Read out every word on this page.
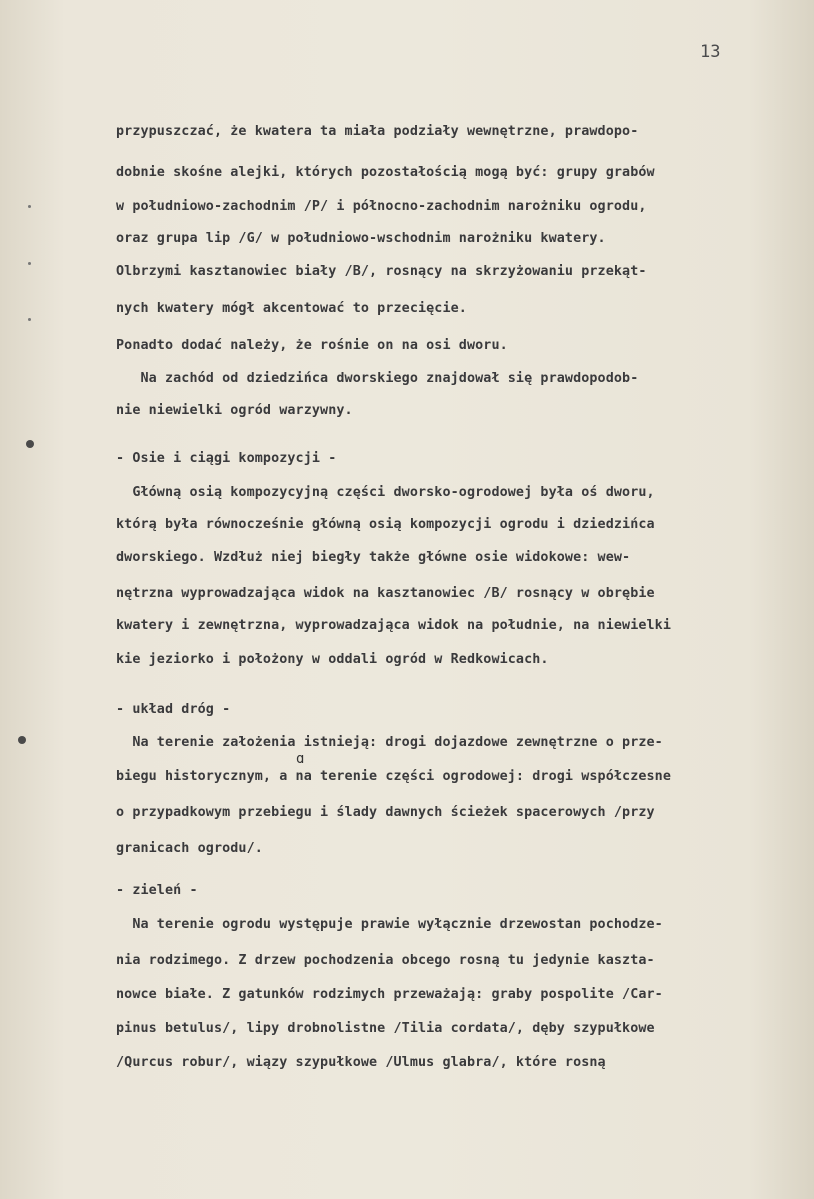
13
przypuszczać, że kwatera ta miała podziały wewnętrzne, prawdopo-
dobnie skośne alejki, których pozostałością mogą być: grupy grabów
w południowo-zachodnim /P/ i północno-zachodnim narożniku ogrodu,
oraz grupa lip /G/ w południowo-wschodnim narożniku kwatery.
Olbrzymi kasztanowiec biały /B/, rosnący na skrzyżowaniu przekąt-
nych kwatery mógł akcentować to przecięcie.
Ponadto dodać należy, że rośnie on na osi dworu.
Na zachód od dziedzińca dworskiego znajdował się prawdopodob-
nie niewielki ogród warzywny.
- Osie i ciągi kompozycji -
Główną osią kompozycyjną części dworsko-ogrodowej była oś dworu,
którą była równocześnie główną osią kompozycji ogrodu i dziedzińca
dworskiego. Wzdłuż niej biegły także główne osie widokowe: wew-
nętrzna wyprowadzająca widok na kasztanowiec /B/ rosnący w obrębie
kwatery i zewnętrzna, wyprowadzająca widok na południe, na niewielki
kie jeziorko i położony w oddali ogród w Redkowicach.
- układ dróg -
Na terenie założenia istnieją: drogi dojazdowe zewnętrzne o prze-
biegu historycznym, a na terenie części ogrodowej: drogi współczesne
o przypadkowym przebiegu i ślady dawnych ścieżek spacerowych /przy
granicach ogrodu/.
- zieleń -
Na terenie ogrodu występuje prawie wyłącznie drzewostan pochodze-
nia rodzimego. Z drzew pochodzenia obcego rosną tu jedynie kaszta-
nowce białe. Z gatunków rodzimych przeważają: graby pospolite /Car-
pinus betulus/, lipy drobnolistne /Tilia cordata/, dęby szypułkowe
/Qurcus robur/, wiązy szypułkowe /Ulmus glabra/, które rosną
ɑ
